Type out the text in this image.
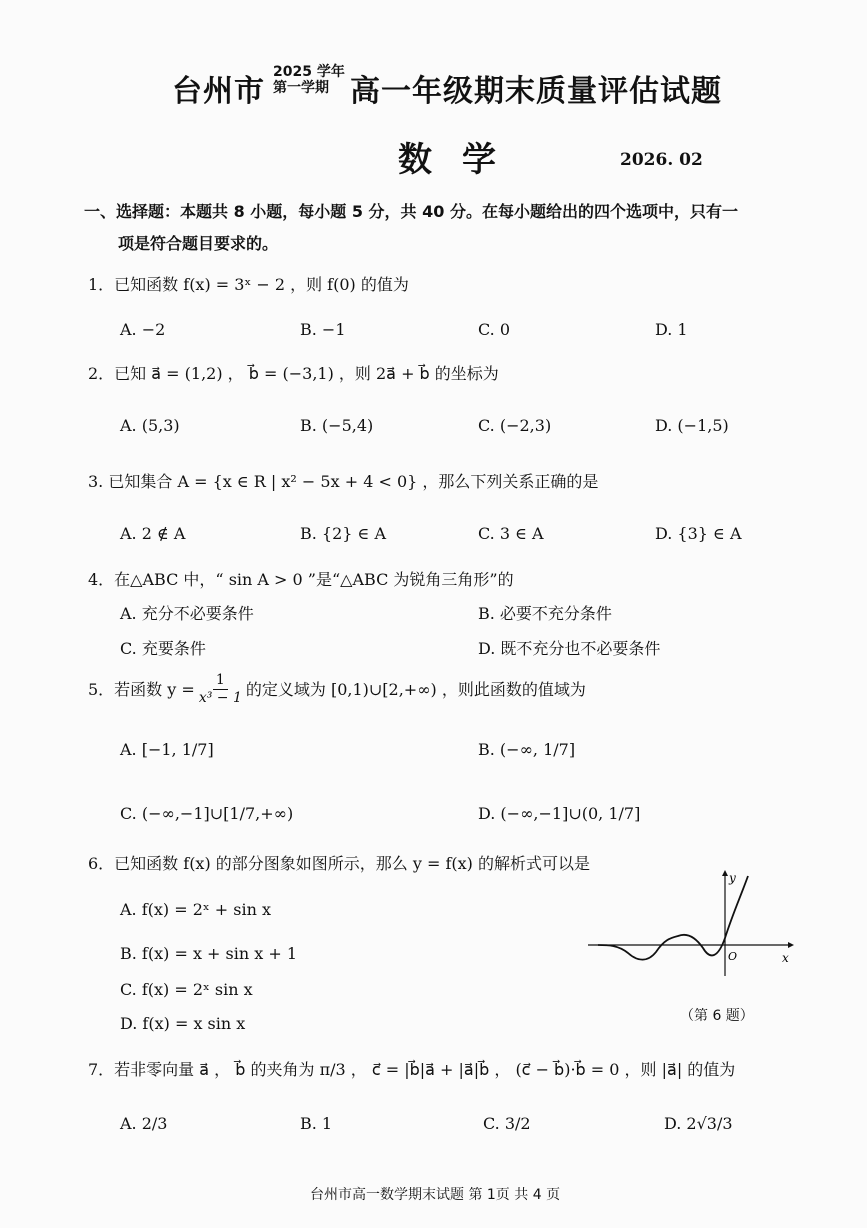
台州市
2025 学年
第一学期 高一年级期末质量评估试题
数学	2026. 02
一、选择题：本题共 8 小题，每小题 5 分，共 40 分。在每小题给出的四个选项中，只有一
项是符合题目要求的。
1．已知函数 f(x) = 3ˣ − 2 ，则 f(0) 的值为
A. −2	B. −1	C. 0	D. 1
2．已知 a⃗ = (1,2) ， b⃗ = (−3,1) ，则 2a⃗ + b⃗ 的坐标为
A. (5,3)	B. (−5,4)	C. (−2,3)	D. (−1,5)
3. 已知集合 A = {x ∈ R | x² − 5x + 4 < 0} ，那么下列关系正确的是
A. 2 ∉ A	B. {2} ∈ A	C. 3 ∈ A	D. {3} ∈ A
4．在△ABC 中，“ sin A > 0 ”是“△ABC 为锐角三角形”的
A. 充分不必要条件	B. 必要不充分条件
C. 充要条件	D. 既不充分也不必要条件
5．若函数 $y = \frac{1}{\text{x³ − 1}}$ 的定义域为 [0,1)∪[2,+∞) ，则此函数的值域为
A. [−1, 1/7]	B. (−∞, 1/7]
C. (−∞,−1]∪[1/7,+∞)	D. (−∞,−1]∪(0, 1/7]
6．已知函数 f(x) 的部分图象如图所示，那么 y = f(x) 的解析式可以是
A. f(x) = 2ˣ + sin x
B. f(x) = x + sin x + 1
C. f(x) = 2ˣ sin x
D. f(x) = x sin x
y
x
O
（第 6 题）
7．若非零向量 a⃗ ， b⃗ 的夹角为 π/3 ， c⃗ = |b⃗|a⃗ + |a⃗|b⃗ ， (c⃗ − b⃗)·b⃗ = 0 ，则 |a⃗| 的值为
A. 2/3	B. 1	C. 3/2	D. 2√3/3
台州市高一数学期末试题 第 1页 共 4 页
